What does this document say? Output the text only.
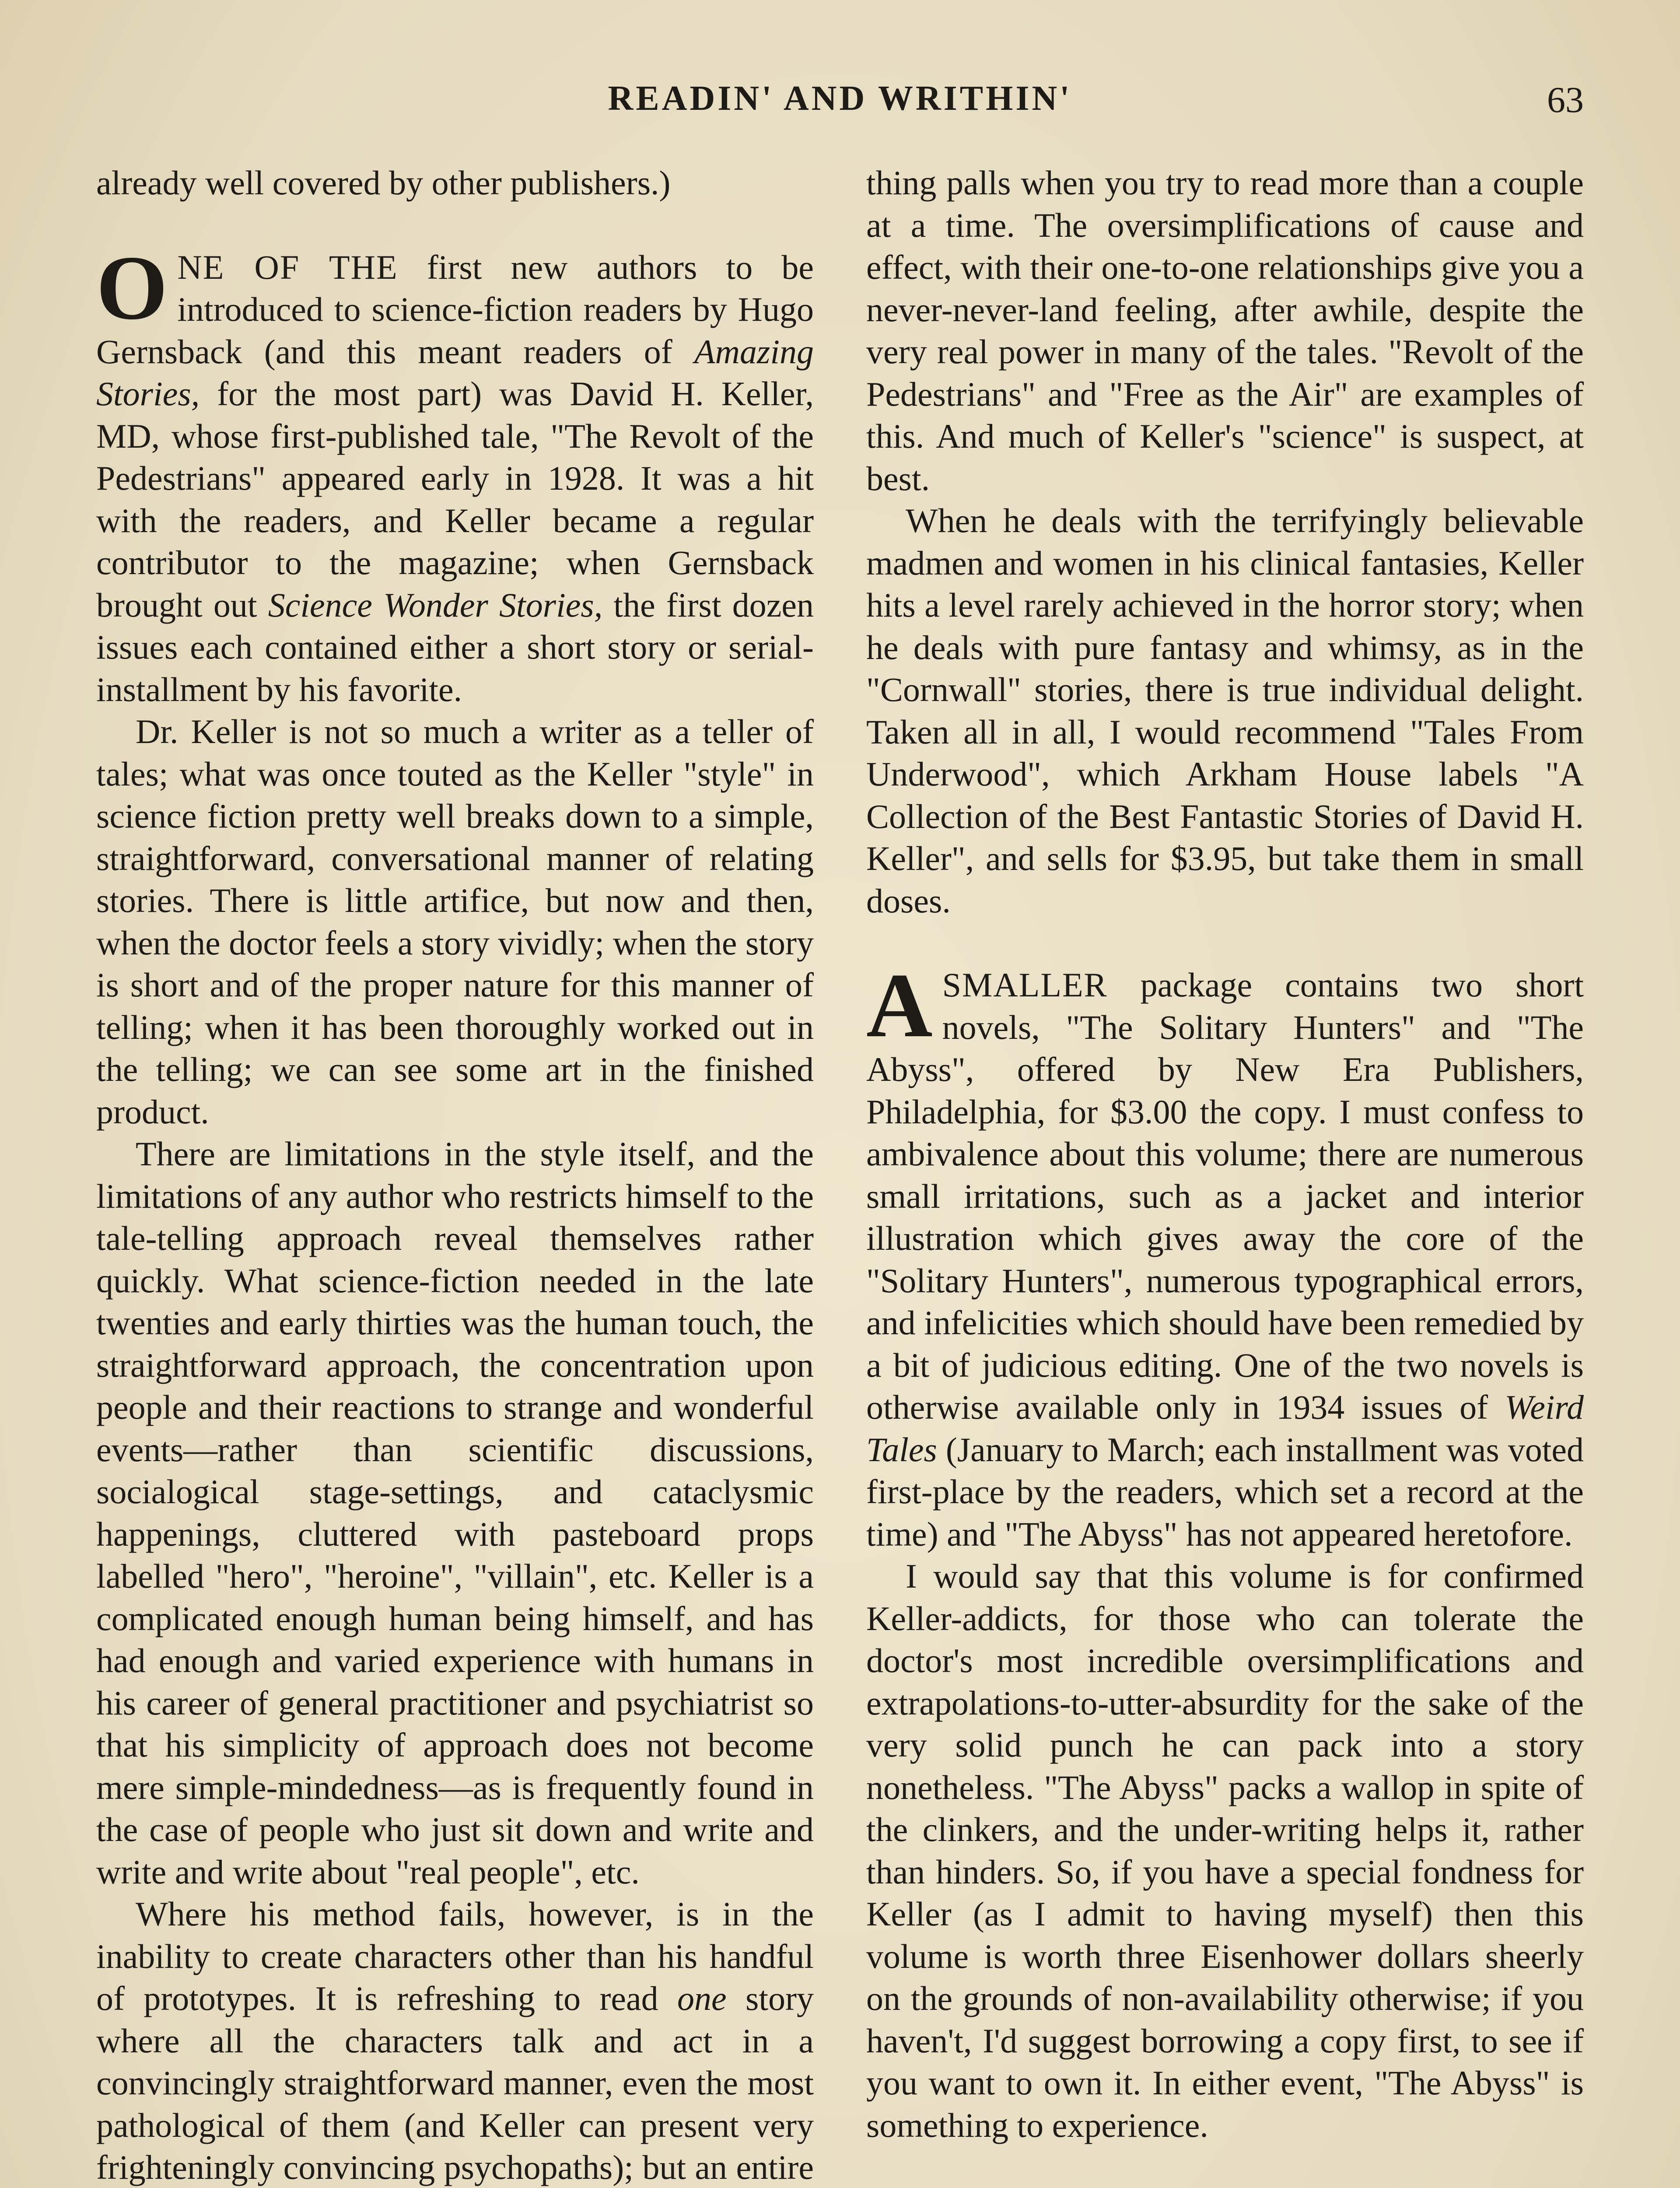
READIN' AND WRITHIN'	63

already well covered by other publishers.)

ONE OF THE first new authors to be introduced to science-fiction readers by Hugo Gernsback (and this meant readers of Amazing Stories, for the most part) was David H. Keller, MD, whose first-published tale, "The Revolt of the Pedestrians" appeared early in 1928. It was a hit with the readers, and Keller became a regular contributor to the magazine; when Gernsback brought out Science Wonder Stories, the first dozen issues each contained either a short story or serial-installment by his favorite.

Dr. Keller is not so much a writer as a teller of tales; what was once touted as the Keller "style" in science fiction pretty well breaks down to a simple, straightforward, conversational manner of relating stories. There is little artifice, but now and then, when the doctor feels a story vividly; when the story is short and of the proper nature for this manner of telling; when it has been thoroughly worked out in the telling; we can see some art in the finished product.

There are limitations in the style itself, and the limitations of any author who restricts himself to the tale-telling approach reveal themselves rather quickly. What science-fiction needed in the late twenties and early thirties was the human touch, the straightforward approach, the concentration upon people and their reactions to strange and wonderful events—rather than scientific discussions, socialogical stage-settings, and cataclysmic happenings, cluttered with pasteboard props labelled "hero", "heroine", "villain", etc. Keller is a complicated enough human being himself, and has had enough and varied experience with humans in his career of general practitioner and psychiatrist so that his simplicity of approach does not become mere simple-mindedness—as is frequently found in the case of people who just sit down and write and write and write about "real people", etc.

Where his method fails, however, is in the inability to create characters other than his handful of prototypes. It is refreshing to read one story where all the characters talk and act in a convincingly straightforward manner, even the most pathological of them (and Keller can present very frighteningly convincing psychopaths); but an entire

thing palls when you try to read more than a couple at a time. The oversimplifications of cause and effect, with their one-to-one relationships give you a never-never-land feeling, after awhile, despite the very real power in many of the tales. "Revolt of the Pedestrians" and "Free as the Air" are examples of this. And much of Keller's "science" is suspect, at best.

When he deals with the terrifyingly believable madmen and women in his clinical fantasies, Keller hits a level rarely achieved in the horror story; when he deals with pure fantasy and whimsy, as in the "Cornwall" stories, there is true individual delight. Taken all in all, I would recommend "Tales From Underwood", which Arkham House labels "A Collection of the Best Fantastic Stories of David H. Keller", and sells for $3.95, but take them in small doses.

ASMALLER package contains two short novels, "The Solitary Hunters" and "The Abyss", offered by New Era Publishers, Philadelphia, for $3.00 the copy. I must confess to ambivalence about this volume; there are numerous small irritations, such as a jacket and interior illustration which gives away the core of the "Solitary Hunters", numerous typographical errors, and infelicities which should have been remedied by a bit of judicious editing. One of the two novels is otherwise available only in 1934 issues of Weird Tales (January to March; each installment was voted first-place by the readers, which set a record at the time) and "The Abyss" has not appeared heretofore.

I would say that this volume is for confirmed Keller-addicts, for those who can tolerate the doctor's most incredible oversimplifications and extrapolations-to-utter-absurdity for the sake of the very solid punch he can pack into a story nonetheless. "The Abyss" packs a wallop in spite of the clinkers, and the under-writing helps it, rather than hinders. So, if you have a special fondness for Keller (as I admit to having myself) then this volume is worth three Eisenhower dollars sheerly on the grounds of non-availability otherwise; if you haven't, I'd suggest borrowing a copy first, to see if you want to own it. In either event, "The Abyss" is something to experience.
